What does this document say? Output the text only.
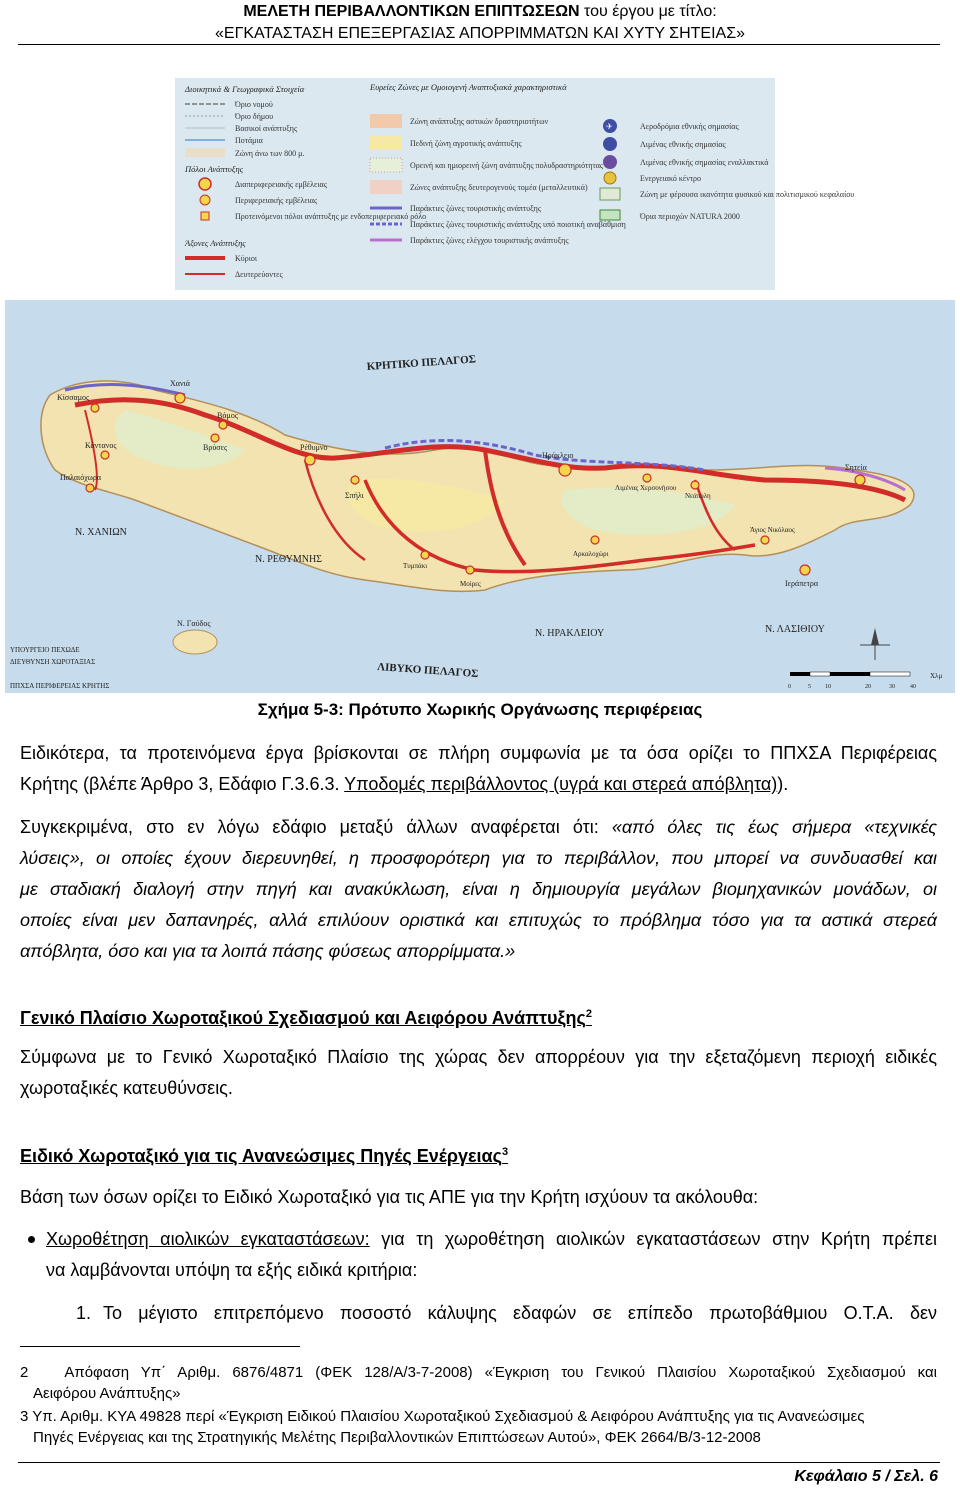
ΜΕΛΕΤΗ ΠΕΡΙΒΑΛΛΟΝΤΙΚΩΝ ΕΠΙΠΤΩΣΕΩΝ του έργου με τίτλο:
«ΕΓΚΑΤΑΣΤΑΣΗ ΕΠΕΞΕΡΓΑΣΙΑΣ ΑΠΟΡΡΙΜΜΑΤΩΝ ΚΑΙ ΧΥΤΥ ΣΗΤΕΙΑΣ»
Διοικητικά & Γεωγραφικά Στοιχεία
Όριο νομού
Όριο δήμου
Βασικοί ανάπτυξης
Ποτάμια
Ζώνη άνω των 800 μ.
Πόλοι Ανάπτυξης
Διαπεριφερειακής εμβέλειας
Περιφερειακής εμβέλειας
Προτεινόμενοι πόλοι ανάπτυξης με ενδοπεριφερειακό ρόλο
Άξονες Ανάπτυξης
Κύριοι
Δευτερεύοντες
Ευρείες Ζώνες με Ομοιογενή Αναπτυξιακά χαρακτηριστικά
Ζώνη ανάπτυξης αστικών δραστηριοτήτων
Πεδινή ζώνη αγροτικής ανάπτυξης
Ορεινή και ημιορεινή ζώνη ανάπτυξης πολυδραστηριότητας
Ζώνες ανάπτυξης δευτερογενούς τομέα (μεταλλευτικά)
Παράκτιες ζώνες τουριστικής ανάπτυξης
Παράκτιες ζώνες τουριστικής ανάπτυξης υπό ποιοτική αναβάθμιση
Παράκτιες ζώνες ελέγχου τουριστικής ανάπτυξης
✈	Αεροδρόμια εθνικής σημασίας
Λιμένας εθνικής σημασίας
Λιμένας εθνικής σημασίας εναλλακτικά
Ενεργειακό κέντρο
Ζώνη με φέρουσα ικανότητα φυσικού και πολιτισμικού κεφαλαίου
Όρια περιοχών NATURA 2000
ΚΡΗΤΙΚΟ ΠΕΛΑΓΟΣ
ΛΙΒΥΚΟ ΠΕΛΑΓΟΣ
Ν. ΧΑΝΙΩΝ
Ν. ΡΕΘΥΜΝΗΣ
Ν. ΗΡΑΚΛΕΙΟΥ	Ν. ΛΑΣΙΘΙΟΥ
Χανιά
Κίσσαμος
Κάντανος
Παλαιόχωρα
Βάμος
Βρύσες	Ρέθυμνο
Σπήλι
Ηράκλειο
Λιμένας Χερσονήσου
Νεάπολη
Σητεία
Άγιος Νικόλαος
Ιεράπετρα
Αρκαλοχώρι
Μοίρες
Τυμπάκι
Ν. Γαύδος
ΥΠΟΥΡΓΕΙΟ ΠΕΧΩΔΕ
ΔΙΕΥΘΥΝΣΗ ΧΩΡΟΤΑΞΙΑΣ
ΠΠΧΣΑ ΠΕΡΙΦΕΡΕΙΑΣ ΚΡΗΤΗΣ	0	5 10	20	30	40
Χλμ
Σχήμα 5-3: Πρότυπο Χωρικής Οργάνωσης περιφέρειας
Ειδικότερα, τα προτεινόμενα έργα βρίσκονται σε πλήρη συμφωνία με τα όσα ορίζει το ΠΠΧΣΑ Περιφέρειας
Κρήτης (βλέπε Άρθρο 3, Εδάφιο Γ.3.6.3. Υποδομές περιβάλλοντος (υγρά και στερεά απόβλητα)).
Συγκεκριμένα, στο εν λόγω εδάφιο μεταξύ άλλων αναφέρεται ότι: «από όλες τις έως σήμερα «τεχνικές
λύσεις», οι οποίες έχουν διερευνηθεί, η προσφορότερη για το περιβάλλον, που μπορεί να συνδυασθεί και
με σταδιακή διαλογή στην πηγή και ανακύκλωση, είναι η δημιουργία μεγάλων βιομηχανικών μονάδων, οι
οποίες είναι μεν δαπανηρές, αλλά επιλύουν οριστικά και επιτυχώς το πρόβλημα τόσο για τα αστικά στερεά
απόβλητα, όσο και για τα λοιπά πάσης φύσεως απορρίμματα.»
Γενικό Πλαίσιο Χωροταξικού Σχεδιασμού και Αειφόρου Ανάπτυξης$^2$
Σύμφωνα με το Γενικό Χωροταξικό Πλαίσιο της χώρας δεν απορρέουν για την εξεταζόμενη περιοχή ειδικές
χωροταξικές κατευθύνσεις.
Ειδικό Χωροταξικό για τις Ανανεώσιμες Πηγές Ενέργειας$^3$
Βάση των όσων ορίζει το Ειδικό Χωροταξικό για τις ΑΠΕ για την Κρήτη ισχύουν τα ακόλουθα:
Χωροθέτηση αιολικών εγκαταστάσεων: για τη χωροθέτηση αιολικών εγκαταστάσεων στην Κρήτη πρέπει
να λαμβάνονται υπόψη τα εξής ειδικά κριτήρια:
1. Το μέγιστο επιτρεπόμενο ποσοστό κάλυψης εδαφών σε επίπεδο πρωτοβάθμιου Ο.Τ.Α. δεν
2 Απόφαση Υπ΄ Αριθμ. 6876/4871 (ΦΕΚ 128/Α/3-7-2008) «Έγκριση του Γενικού Πλαισίου Χωροταξικού Σχεδιασμού και
Αειφόρου Ανάπτυξης»
3 Υπ. Αριθμ. ΚΥΑ 49828 περί «Έγκριση Ειδικού Πλαισίου Χωροταξικού Σχεδιασμού & Αειφόρου Ανάπτυξης για τις Ανανεώσιμες
Πηγές Ενέργειας και της Στρατηγικής Μελέτης Περιβαλλοντικών Επιπτώσεων Αυτού», ΦΕΚ 2664/Β/3-12-2008
Κεφάλαιο 5 / Σελ. 6
